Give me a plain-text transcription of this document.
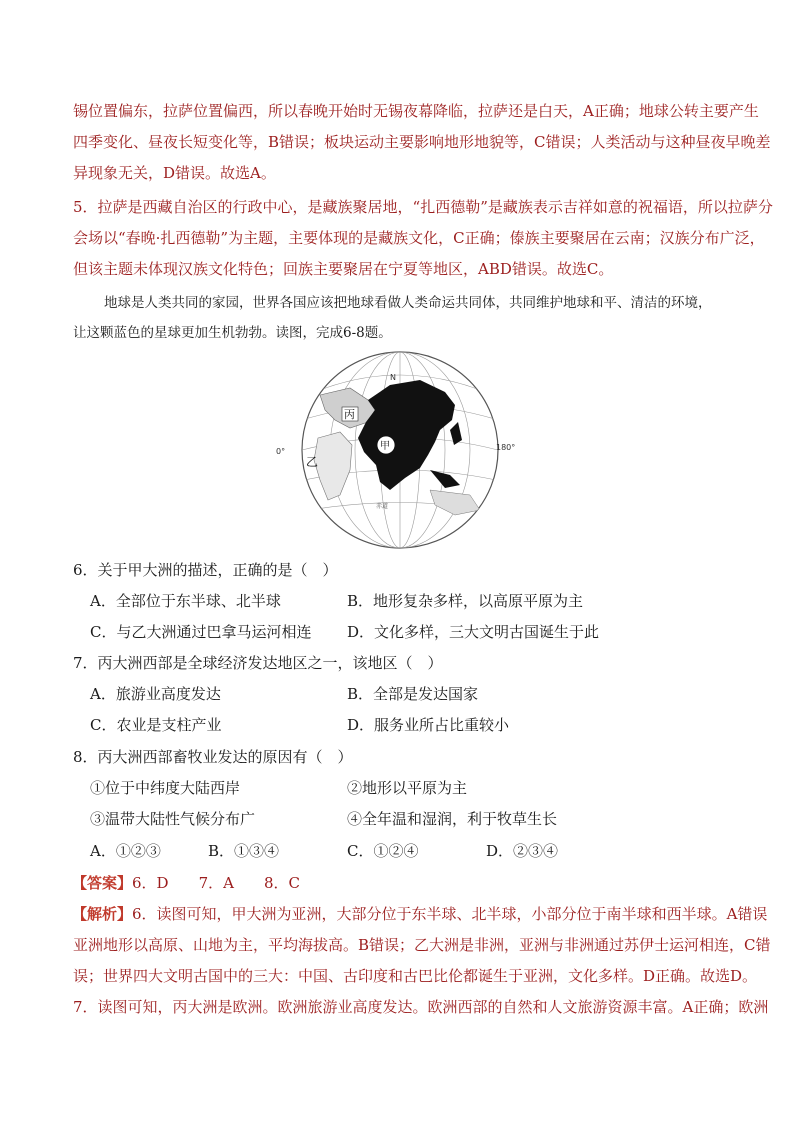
锡位置偏东，拉萨位置偏西，所以春晚开始时无锡夜幕降临，拉萨还是白天，A正确；地球公转主要产生
四季变化、昼夜长短变化等，B错误；板块运动主要影响地形地貌等，C错误；人类活动与这种昼夜早晚差
异现象无关，D错误。故选A。
5．拉萨是西藏自治区的行政中心，是藏族聚居地，“扎西德勒”是藏族表示吉祥如意的祝福语，所以拉萨分
会场以“春晚·扎西德勒”为主题，主要体现的是藏族文化，C正确；傣族主要聚居在云南；汉族分布广泛，
但该主题未体现汉族文化特色；回族主要聚居在宁夏等地区，ABD错误。故选C。
地球是人类共同的家园，世界各国应该把地球看做人类命运共同体，共同维护地球和平、清洁的环境，
让这颗蓝色的星球更加生机勃勃。读图，完成6-8题。
N
丙
乙
甲
0°	180°
赤道
6．关于甲大洲的描述，正确的是（　）
A．全部位于东半球、北半球	B．地形复杂多样，以高原平原为主
C．与乙大洲通过巴拿马运河相连 D．文化多样，三大文明古国诞生于此
7．丙大洲西部是全球经济发达地区之一，该地区（　）
A．旅游业高度发达	B．全部是发达国家
C．农业是支柱产业	D．服务业所占比重较小
8．丙大洲西部畜牧业发达的原因有（　）
①位于中纬度大陆西岸	②地形以平原为主
③温带大陆性气候分布广	④全年温和湿润，利于牧草生长
A．①②③	B．①③④	C．①②④	D．②③④
【答案】6．D　　7．A　　8．C
【解析】6．读图可知，甲大洲为亚洲，大部分位于东半球、北半球，小部分位于南半球和西半球。A错误
亚洲地形以高原、山地为主，平均海拔高。B错误；乙大洲是非洲，亚洲与非洲通过苏伊士运河相连，C错
误；世界四大文明古国中的三大：中国、古印度和古巴比伦都诞生于亚洲，文化多样。D正确。故选D。
7．读图可知，丙大洲是欧洲。欧洲旅游业高度发达。欧洲西部的自然和人文旅游资源丰富。A正确；欧洲
